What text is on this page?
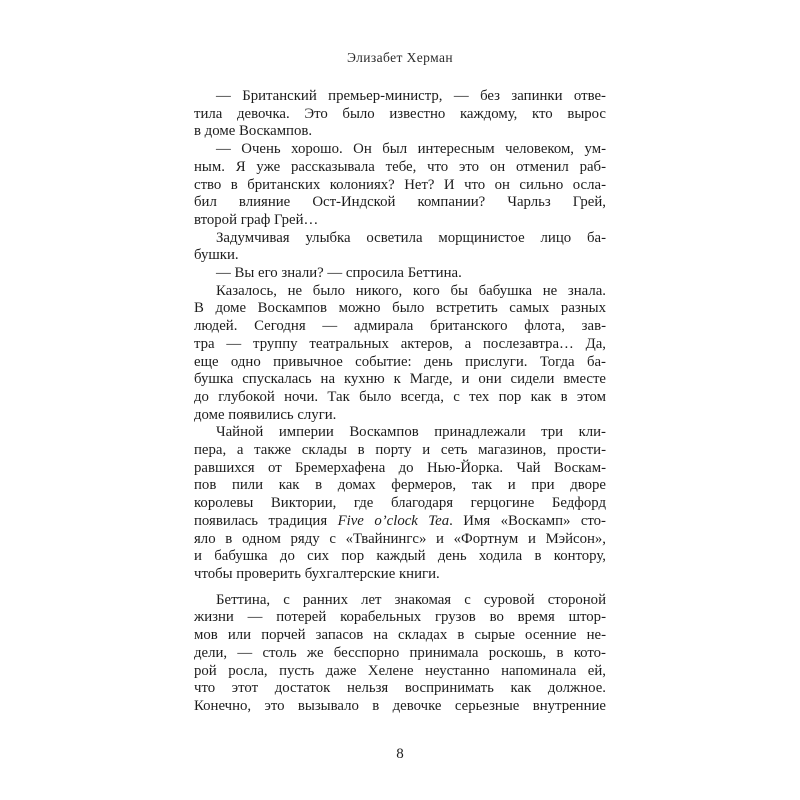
Элизабет Херман
— Британский премьер-министр, — без запинки отве-
тила девочка. Это было известно каждому, кто вырос
в доме Воскампов.
— Очень хорошо. Он был интересным человеком, ум-
ным. Я уже рассказывала тебе, что это он отменил раб-
ство в британских колониях? Нет? И что он сильно осла-
бил влияние Ост-Индской компании? Чарльз Грей,
второй граф Грей…
Задумчивая улыбка осветила морщинистое лицо ба-
бушки.
— Вы его знали? — спросила Беттина.
Казалось, не было никого, кого бы бабушка не знала.
В доме Воскампов можно было встретить самых разных
людей. Сегодня — адмирала британского флота, зав-
тра — труппу театральных актеров, а послезавтра… Да,
еще одно привычное событие: день прислуги. Тогда ба-
бушка спускалась на кухню к Магде, и они сидели вместе
до глубокой ночи. Так было всегда, с тех пор как в этом
доме появились слуги.
Чайной империи Воскампов принадлежали три кли-
пера, а также склады в порту и сеть магазинов, прости-
равшихся от Бремерхафена до Нью-Йорка. Чай Воскам-
пов пили как в домах фермеров, так и при дворе
королевы Виктории, где благодаря герцогине Бедфорд
появилась традиция Five o’clock Tea. Имя «Воскамп» сто-
яло в одном ряду с «Твайнингс» и «Фортнум и Мэйсон»,
и бабушка до сих пор каждый день ходила в контору,
чтобы проверить бухгалтерские книги.
Беттина, с ранних лет знакомая с суровой стороной
жизни — потерей корабельных грузов во время штор-
мов или порчей запасов на складах в сырые осенние не-
дели, — столь же бесспорно принимала роскошь, в кото-
рой росла, пусть даже Хелене неустанно напоминала ей,
что этот достаток нельзя воспринимать как должное.
Конечно, это вызывало в девочке серьезные внутренние
8
